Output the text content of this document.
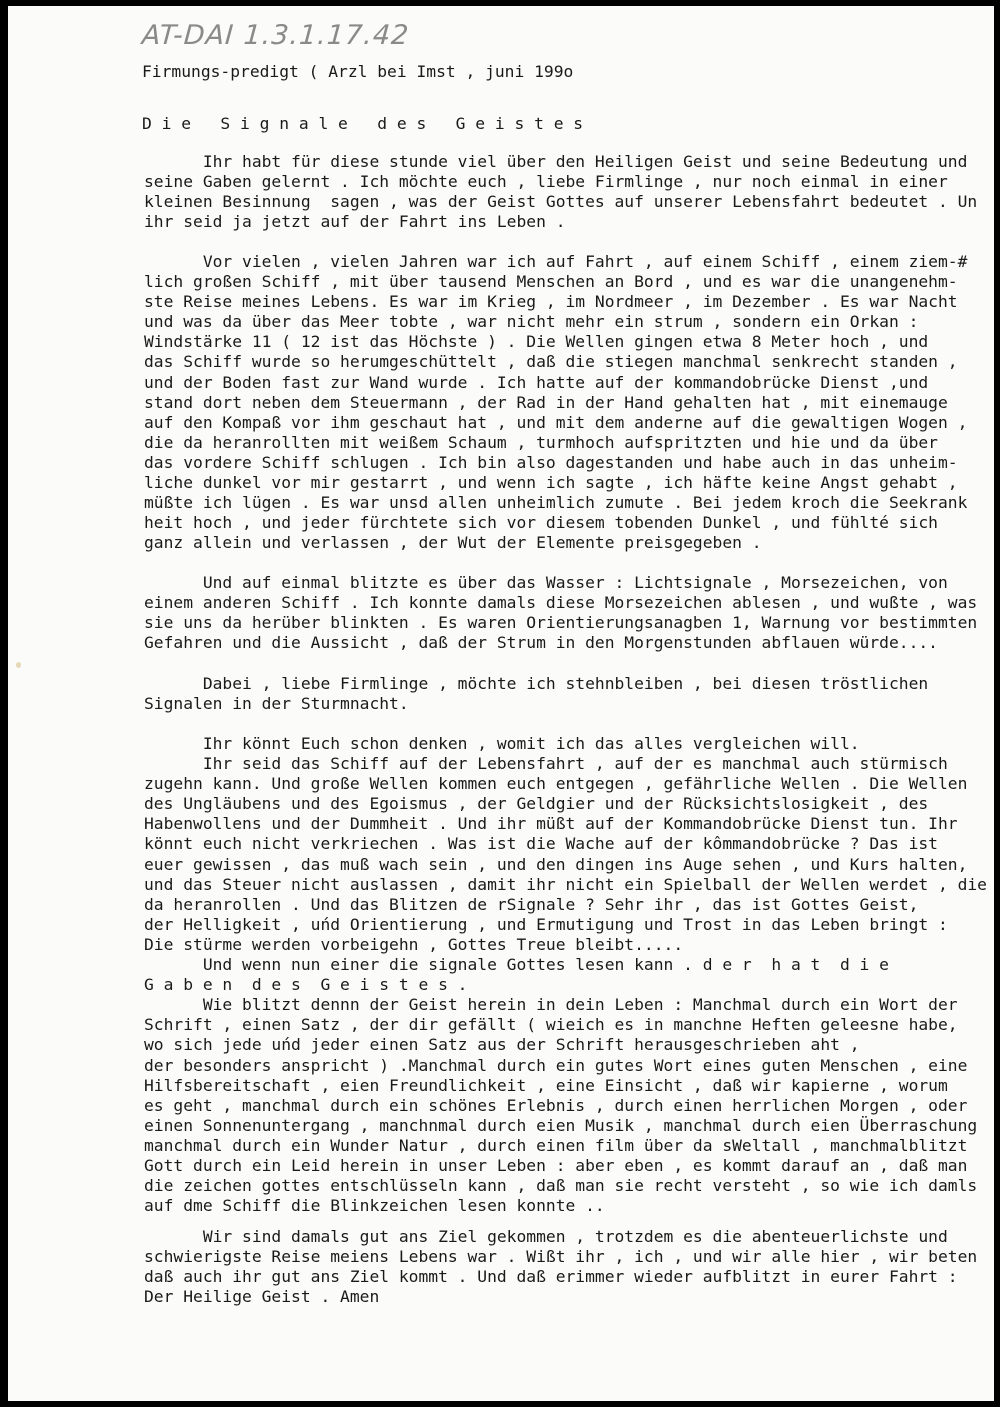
AT-DAI 1.3.1.17.42
Firmungs-predigt ( Arzl bei Imst , juni 199o
D i e   S i g n a l e   d e s   G e i s t e s
Ihr habt für diese stunde viel über den Heiligen Geist und seine Bedeutung und
seine Gaben gelernt . Ich möchte euch , liebe Firmlinge , nur noch einmal in einer
kleinen Besinnung  sagen , was der Geist Gottes auf unserer Lebensfahrt bedeutet . Un
ihr seid ja jetzt auf der Fahrt ins Leben .
Vor vielen , vielen Jahren war ich auf Fahrt , auf einem Schiff , einem ziem-#
lich großen Schiff , mit über tausend Menschen an Bord , und es war die unangenehm-
ste Reise meines Lebens. Es war im Krieg , im Nordmeer , im Dezember . Es war Nacht
und was da über das Meer tobte , war nicht mehr ein strum , sondern ein Orkan :
Windstärke 11 ( 12 ist das Höchste ) . Die Wellen gingen etwa 8 Meter hoch , und
das Schiff wurde so herumgeschüttelt , daß die stiegen manchmal senkrecht standen ,
und der Boden fast zur Wand wurde . Ich hatte auf der kommandobrücke Dienst ,und
stand dort neben dem Steuermann , der Rad in der Hand gehalten hat , mit einemauge
auf den Kompaß vor ihm geschaut hat , und mit dem anderne auf die gewaltigen Wogen ,
die da heranrollten mit weißem Schaum , turmhoch aufspritzten und hie und da über
das vordere Schiff schlugen . Ich bin also dagestanden und habe auch in das unheim-
liche dunkel vor mir gestarrt , und wenn ich sagte , ich häfte keine Angst gehabt ,
müßte ich lügen . Es war unsd allen unheimlich zumute . Bei jedem kroch die Seekrank
heit hoch , und jeder fürchtete sich vor diesem tobenden Dunkel , und fühlté sich
ganz allein und verlassen , der Wut der Elemente preisgegeben .
Und auf einmal blitzte es über das Wasser : Lichtsignale , Morsezeichen, von
einem anderen Schiff . Ich konnte damals diese Morsezeichen ablesen , und wußte , was
sie uns da herüber blinkten . Es waren Orientierungsanagben 1, Warnung vor bestimmten
Gefahren und die Aussicht , daß der Strum in den Morgenstunden abflauen würde....
Dabei , liebe Firmlinge , möchte ich stehnbleiben , bei diesen tröstlichen
Signalen in der Sturmnacht.
Ihr könnt Euch schon denken , womit ich das alles vergleichen will.
Ihr seid das Schiff auf der Lebensfahrt , auf der es manchmal auch stürmisch
zugehn kann. Und große Wellen kommen euch entgegen , gefährliche Wellen . Die Wellen
des Ungläubens und des Egoismus , der Geldgier und der Rücksichtslosigkeit , des
Habenwollens und der Dummheit . Und ihr müßt auf der Kommandobrücke Dienst tun. Ihr
könnt euch nicht verkriechen . Was ist die Wache auf der kômmandobrücke ? Das ist
euer gewissen , das muß wach sein , und den dingen ins Auge sehen , und Kurs halten,
und das Steuer nicht auslassen , damit ihr nicht ein Spielball der Wellen werdet , die
da heranrollen . Und das Blitzen de rSignale ? Sehr ihr , das ist Gottes Geist,
der Helligkeit , uńd Orientierung , und Ermutigung und Trost in das Leben bringt :
Die stürme werden vorbeigehn , Gottes Treue bleibt.....
Und wenn nun einer die signale Gottes lesen kann . d e r  h a t  d i e
G a b e n  d e s  G e i s t e s .
Wie blitzt dennn der Geist herein in dein Leben : Manchmal durch ein Wort der
Schrift , einen Satz , der dir gefällt ( wieich es in manchne Heften geleesne habe,
wo sich jede uńd jeder einen Satz aus der Schrift herausgeschrieben aht ,
der besonders anspricht ) .Manchmal durch ein gutes Wort eines guten Menschen , eine
Hilfsbereitschaft , eien Freundlichkeit , eine Einsicht , daß wir kapierne , worum
es geht , manchmal durch ein schönes Erlebnis , durch einen herrlichen Morgen , oder
einen Sonnenuntergang , manchnmal durch eien Musik , manchmal durch eien Überraschung
manchmal durch ein Wunder Natur , durch einen film über da sWeltall , manchmalblitzt
Gott durch ein Leid herein in unser Leben : aber eben , es kommt darauf an , daß man
die zeichen gottes entschlüsseln kann , daß man sie recht versteht , so wie ich damls
auf dme Schiff die Blinkzeichen lesen konnte ..
Wir sind damals gut ans Ziel gekommen , trotzdem es die abenteuerlichste und
schwierigste Reise meiens Lebens war . Wißt ihr , ich , und wir alle hier , wir beten
daß auch ihr gut ans Ziel kommt . Und daß erimmer wieder aufblitzt in eurer Fahrt :
Der Heilige Geist . Amen
